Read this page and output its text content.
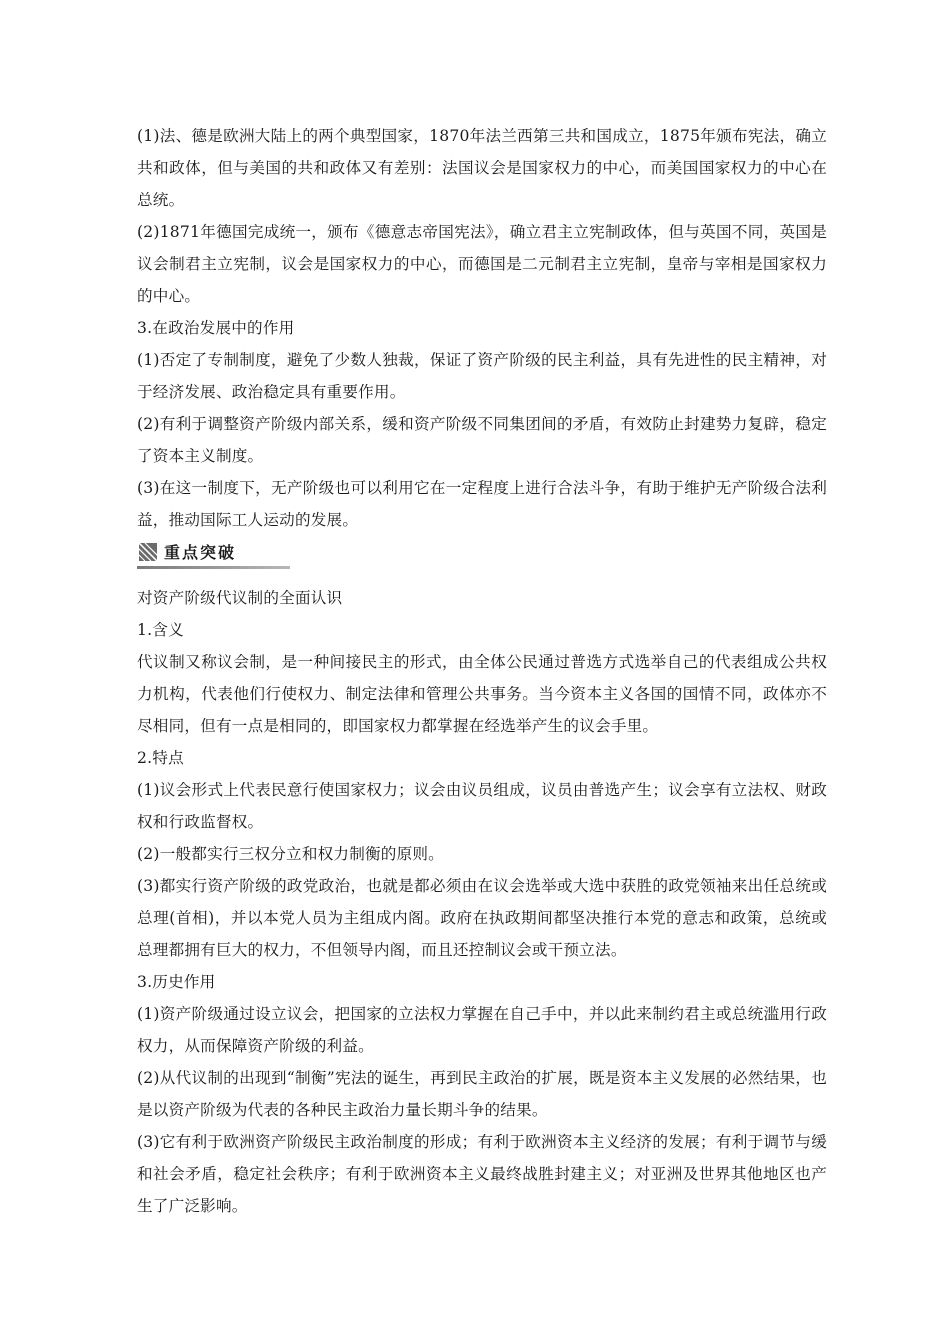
(1)法、德是欧洲大陆上的两个典型国家，1870年法兰西第三共和国成立，1875年颁布宪法，确立共和政体，但与美国的共和政体又有差别：法国议会是国家权力的中心，而美国国家权力的中心在总统。

(2)1871年德国完成统一，颁布《德意志帝国宪法》，确立君主立宪制政体，但与英国不同，英国是议会制君主立宪制，议会是国家权力的中心，而德国是二元制君主立宪制，皇帝与宰相是国家权力的中心。

3.在政治发展中的作用

(1)否定了专制制度，避免了少数人独裁，保证了资产阶级的民主利益，具有先进性的民主精神，对于经济发展、政治稳定具有重要作用。

(2)有利于调整资产阶级内部关系，缓和资产阶级不同集团间的矛盾，有效防止封建势力复辟，稳定了资本主义制度。

(3)在这一制度下，无产阶级也可以利用它在一定程度上进行合法斗争，有助于维护无产阶级合法利益，推动国际工人运动的发展。

重点突破

对资产阶级代议制的全面认识

1.含义

代议制又称议会制，是一种间接民主的形式，由全体公民通过普选方式选举自己的代表组成公共权力机构，代表他们行使权力、制定法律和管理公共事务。当今资本主义各国的国情不同，政体亦不尽相同，但有一点是相同的，即国家权力都掌握在经选举产生的议会手里。

2.特点

(1)议会形式上代表民意行使国家权力；议会由议员组成，议员由普选产生；议会享有立法权、财政权和行政监督权。

(2)一般都实行三权分立和权力制衡的原则。

(3)都实行资产阶级的政党政治，也就是都必须由在议会选举或大选中获胜的政党领袖来出任总统或总理(首相)，并以本党人员为主组成内阁。政府在执政期间都坚决推行本党的意志和政策，总统或总理都拥有巨大的权力，不但领导内阁，而且还控制议会或干预立法。

3.历史作用

(1)资产阶级通过设立议会，把国家的立法权力掌握在自己手中，并以此来制约君主或总统滥用行政权力，从而保障资产阶级的利益。

(2)从代议制的出现到“制衡”宪法的诞生，再到民主政治的扩展，既是资本主义发展的必然结果，也是以资产阶级为代表的各种民主政治力量长期斗争的结果。

(3)它有利于欧洲资产阶级民主政治制度的形成；有利于欧洲资本主义经济的发展；有利于调节与缓和社会矛盾，稳定社会秩序；有利于欧洲资本主义最终战胜封建主义；对亚洲及世界其他地区也产生了广泛影响。
